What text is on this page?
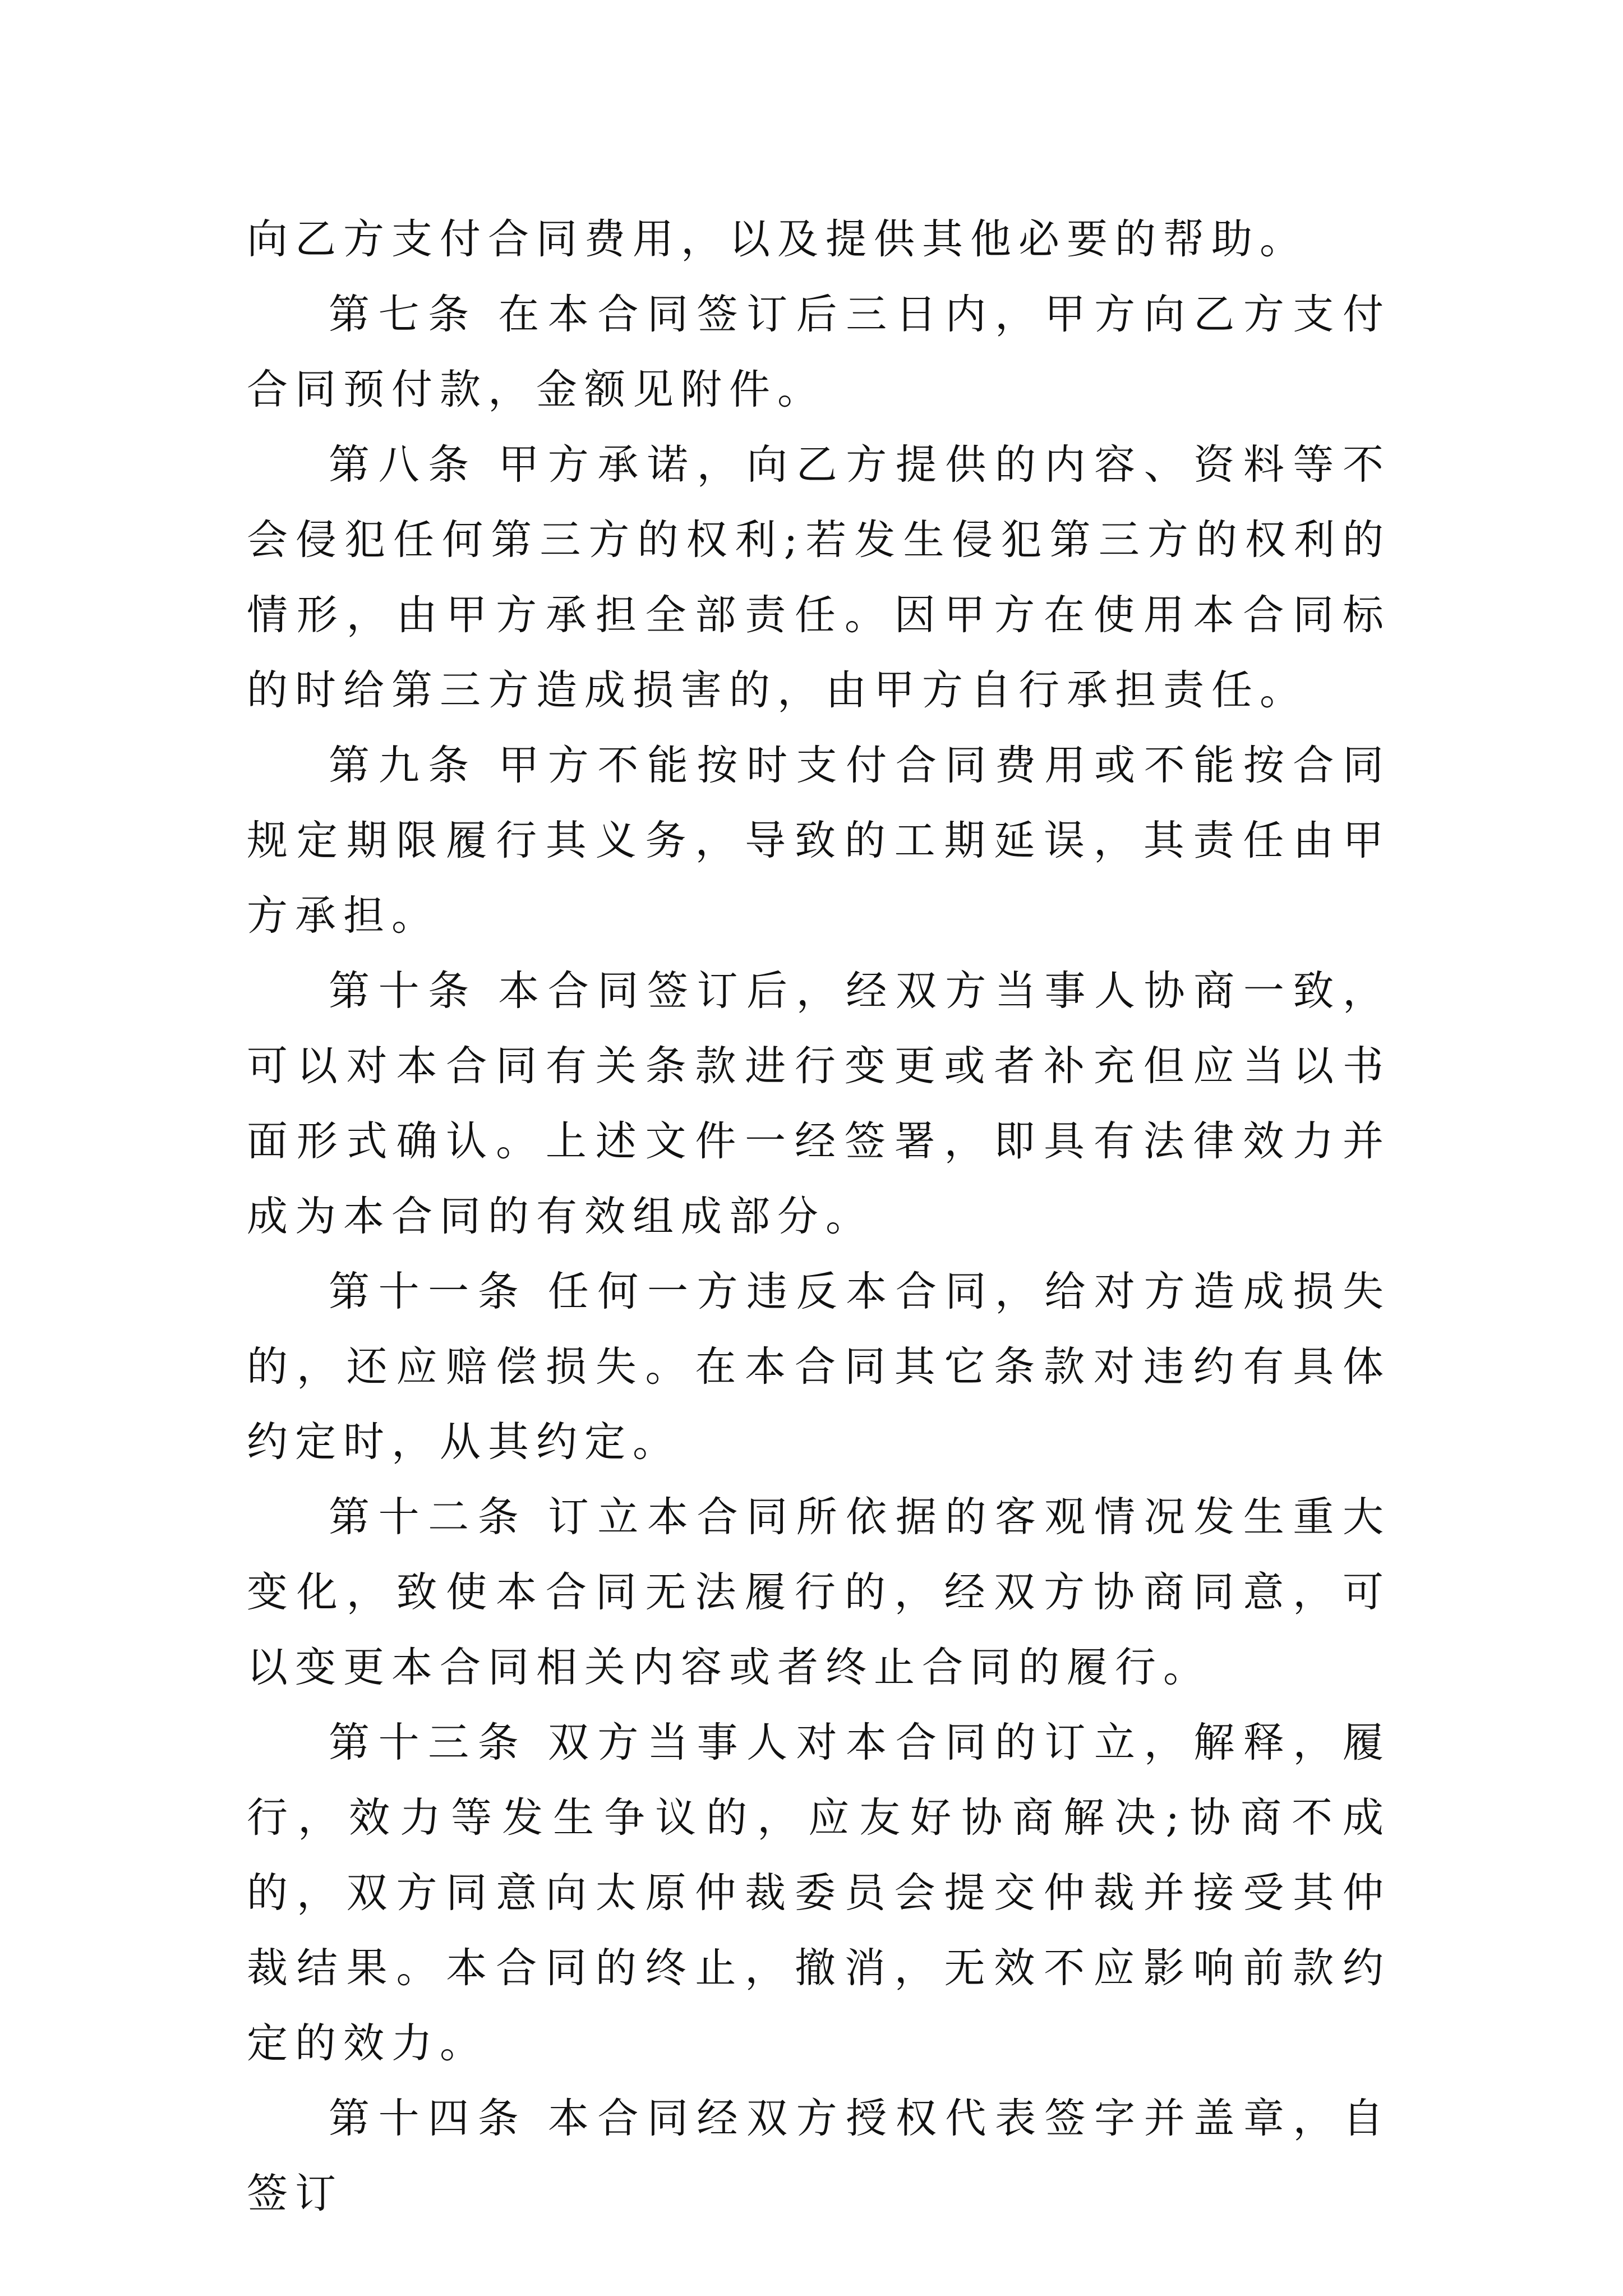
向乙方支付合同费用，以及提供其他必要的帮助。

第七条 在本合同签订后三日内，甲方向乙方支付合同预付款，金额见附件。

第八条 甲方承诺，向乙方提供的内容、资料等不会侵犯任何第三方的权利;若发生侵犯第三方的权利的情形，由甲方承担全部责任。因甲方在使用本合同标的时给第三方造成损害的，由甲方自行承担责任。

第九条 甲方不能按时支付合同费用或不能按合同规定期限履行其义务，导致的工期延误，其责任由甲方承担。

第十条 本合同签订后，经双方当事人协商一致，可以对本合同有关条款进行变更或者补充但应当以书面形式确认。上述文件一经签署，即具有法律效力并成为本合同的有效组成部分。

第十一条 任何一方违反本合同，给对方造成损失的，还应赔偿损失。在本合同其它条款对违约有具体约定时，从其约定。

第十二条 订立本合同所依据的客观情况发生重大变化，致使本合同无法履行的，经双方协商同意，可以变更本合同相关内容或者终止合同的履行。

第十三条 双方当事人对本合同的订立，解释，履行，效力等发生争议的，应友好协商解决;协商不成的，双方同意向太原仲裁委员会提交仲裁并接受其仲裁结果。本合同的终止，撤消，无效不应影响前款约定的效力。

第十四条 本合同经双方授权代表签字并盖章，自签订
